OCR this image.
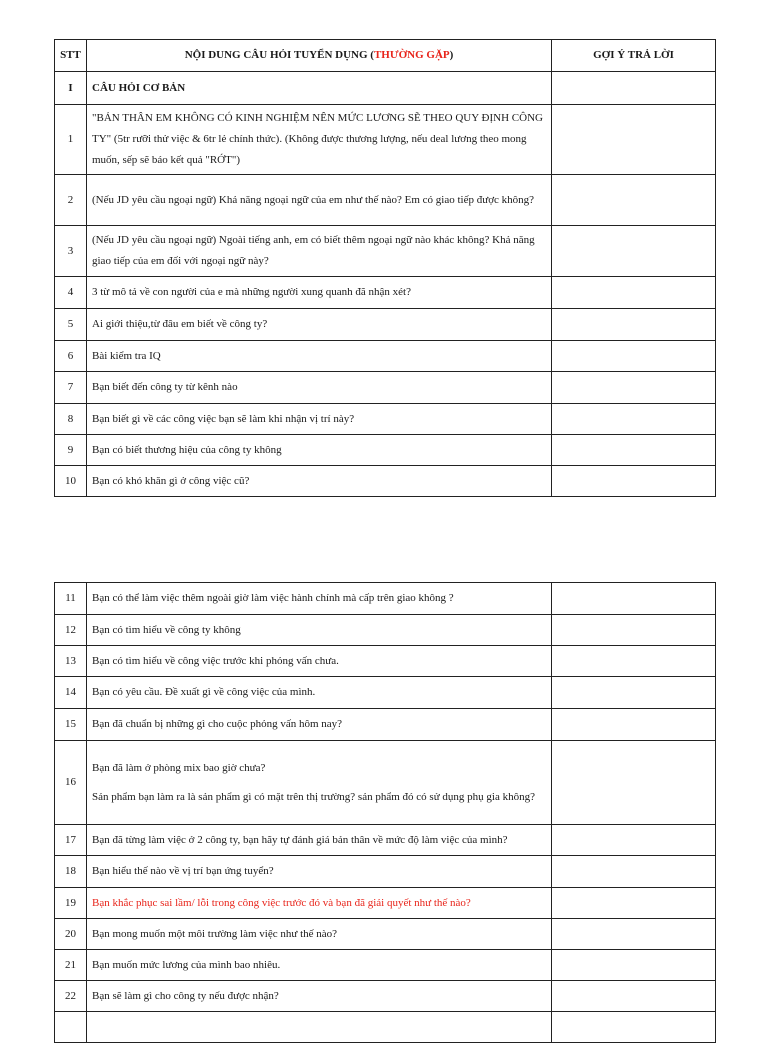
STT	NỘI DUNG CÂU HỎI TUYỂN DỤNG (THƯỜNG GẶP)	GỢI Ý TRẢ LỜI
I	CÂU HỎI CƠ BẢN	
1	"BẢN THÂN EM KHÔNG CÓ KINH NGHIỆM NÊN MỨC LƯƠNG SẼ THEO QUY ĐỊNH CÔNG TY" (5tr rưỡi thử việc & 6tr lẻ chính thức). (Không được thương lượng, nếu deal lương theo mong muốn, sếp sẽ báo kết quả "RỚT")	
2	(Nếu JD yêu cầu ngoại ngữ) Khả năng ngoại ngữ của em như thế nào? Em có giao tiếp được không?	
3	(Nếu JD yêu cầu ngoại ngữ) Ngoài tiếng anh, em có biết thêm ngoại ngữ nào khác không? Khả năng giao tiếp của em đối với ngoại ngữ này?	
4	3 từ mô tả về con người của e mà những người xung quanh đã nhận xét?	
5	Ai giới thiệu,từ đâu em biết về công ty?	
6	Bài kiểm tra IQ	
7	Bạn biết đến công ty từ kênh nào	
8	Bạn biết gì về các công việc bạn sẽ làm khi nhận vị trí này?	
9	Bạn có biết thương hiệu của công ty không	
10	Bạn có khó khăn gì ở công việc cũ?	
11	Bạn có thể làm việc thêm ngoài giờ làm việc hành chính mà cấp trên giao không ?	
12	Bạn có tìm hiểu về công ty không	
13	Bạn có tìm hiểu về công việc trước khi phỏng vấn chưa.	
14	Bạn có yêu cầu. Đề xuất gì về công việc của mình.	
15	Bạn đã chuẩn bị những gì cho cuộc phỏng vấn hôm nay?	
16	Bạn đã làm ở phòng mix bao giờ chưa?
Sản phẩm bạn làm ra là sản phẩm gì có mặt trên thị trường? sản phẩm đó có sử dụng phụ gia không?	

17	Bạn đã từng làm việc ở 2 công ty, bạn hãy tự đánh giá bản thân về mức độ làm việc của mình?	
18	Bạn hiểu thế nào về vị trí bạn ứng tuyển?	
19	Bạn khắc phục sai lầm/ lỗi trong công việc trước đó và bạn đã giải quyết như thế nào?	
20	Bạn mong muốn một môi trường làm việc như thế nào?	
21	Bạn muốn mức lương của mình bao nhiêu.	
22	Bạn sẽ làm gì cho công ty nếu được nhận?	
